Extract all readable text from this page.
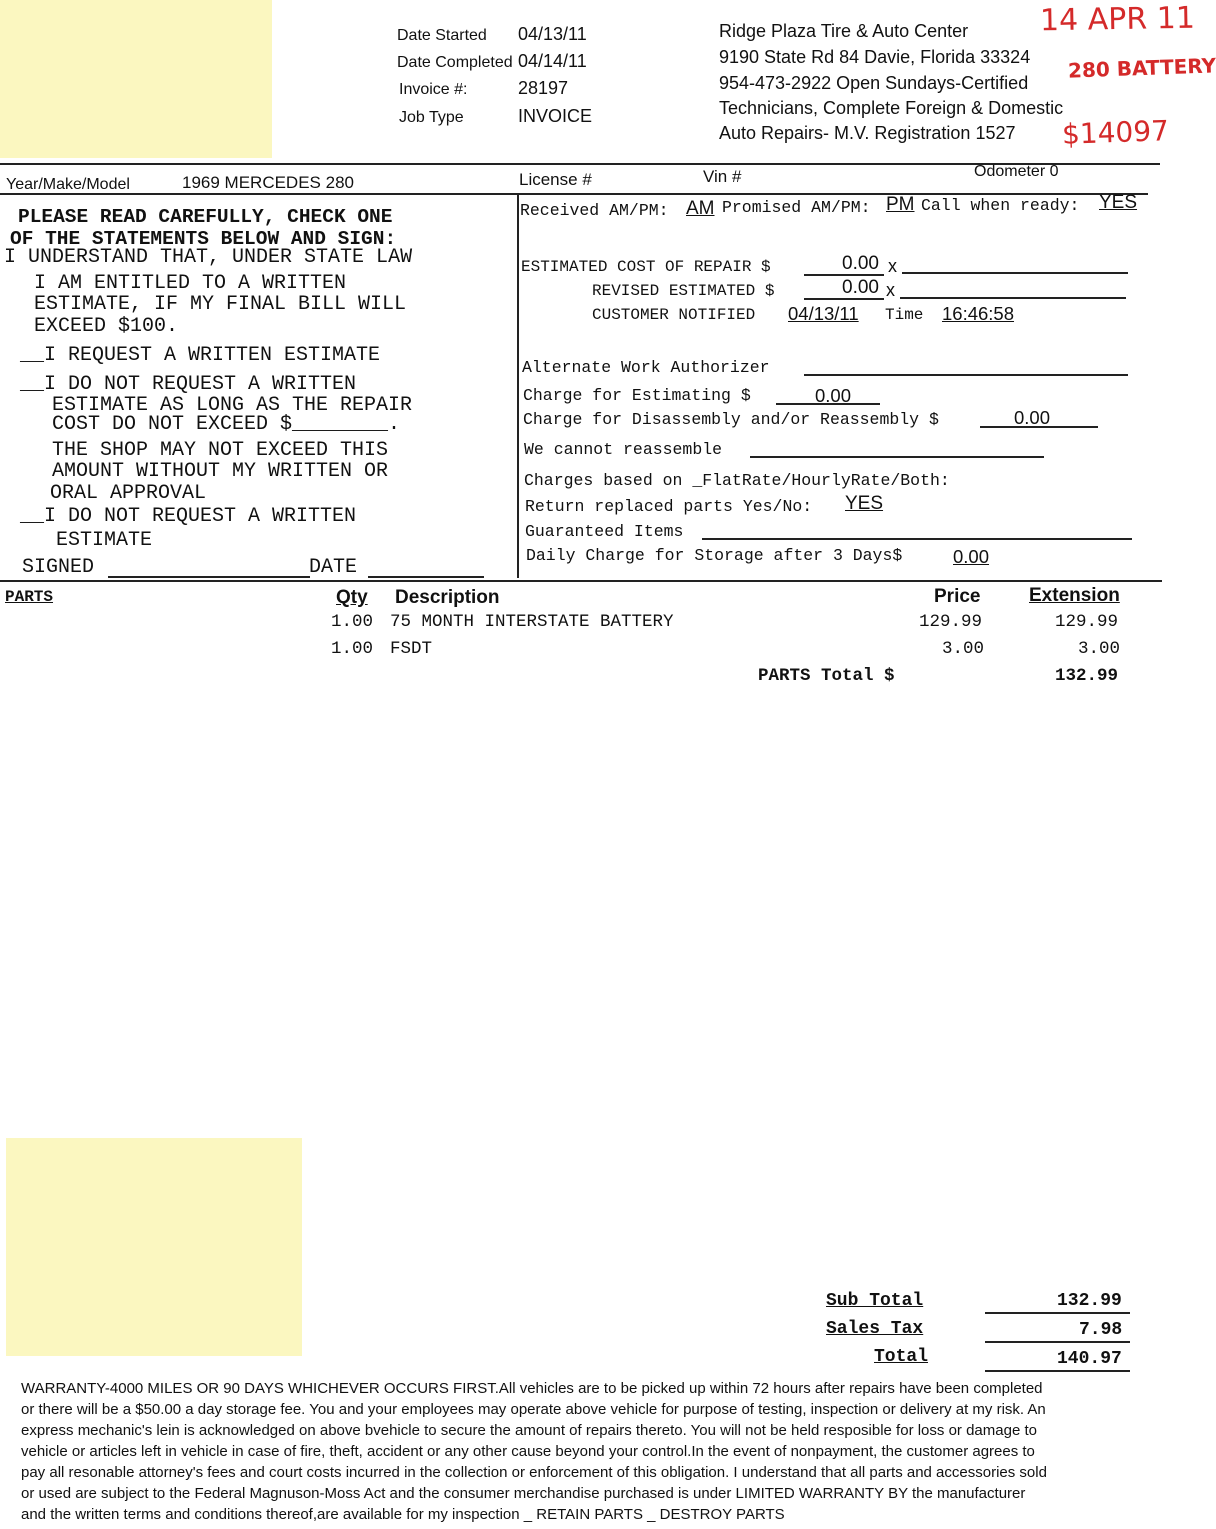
Date Started 04/13/11
Date Completed 04/14/11
Invoice #:	28197
Job Type	INVOICE
Ridge Plaza Tire & Auto Center
9190 State Rd 84 Davie, Florida 33324
954-473-2922 Open Sundays-Certified
Technicians, Complete Foreign & Domestic
Auto Repairs- M.V. Registration 1527
14 APR 11
280 BATTERY
$14097
Year/Make/Model	1969 MERCEDES 280	License #	Vin #	Odometer 0
PLEASE READ CAREFULLY, CHECK ONE
OF THE STATEMENTS BELOW AND SIGN:
I UNDERSTAND THAT, UNDER STATE LAW
I AM ENTITLED TO A WRITTEN
ESTIMATE, IF MY FINAL BILL WILL
EXCEED $100.
__I REQUEST A WRITTEN ESTIMATE
__I DO NOT REQUEST A WRITTEN
ESTIMATE AS LONG AS THE REPAIR
COST DO NOT EXCEED $________.
THE SHOP MAY NOT EXCEED THIS
AMOUNT WITHOUT MY WRITTEN OR
ORAL APPROVAL
__I DO NOT REQUEST A WRITTEN
ESTIMATE
SIGNED	DATE
Received AM/PM: AM Promised AM/PM: PM Call when ready: YES
ESTIMATED COST OF REPAIR $	0.00 x
REVISED ESTIMATED $	0.00 x
CUSTOMER NOTIFIED 04/13/11 Time 16:46:58
Alternate Work Authorizer
Charge for Estimating $	0.00
Charge for Disassembly and/or Reassembly $	0.00
We cannot reassemble
Charges based on _FlatRate/HourlyRate/Both:
Return replaced parts Yes/No: YES
Guaranteed Items
Daily Charge for Storage after 3 Days$	0.00
PARTS	Qty Description	Price	Extension
1.00 75 MONTH INTERSTATE BATTERY	129.99	129.99
1.00 FSDT	3.00	3.00
PARTS Total $	132.99
Sub Total	132.99
Sales Tax	7.98
Total	140.97
WARRANTY-4000 MILES OR 90 DAYS WHICHEVER OCCURS FIRST.All vehicles are to be picked up within 72 hours after repairs have been completed
or there will be a $50.00 a day storage fee. You and your employees may operate above vehicle for purpose of testing, inspection or delivery at my risk. An
express mechanic's lein is acknowledged on above bvehicle to secure the amount of repairs thereto. You will not be held resposible for loss or damage to
vehicle or articles left in vehicle in case of fire, theft, accident or any other cause beyond your control.In the event of nonpayment, the customer agrees to
pay all resonable attorney's fees and court costs incurred in the collection or enforcement of this obligation. I understand that all parts and accessories sold
or used are subject to the Federal Magnuson-Moss Act and the consumer merchandise purchased is under LIMITED WARRANTY BY the manufacturer
and the written terms and conditions thereof,are available for my inspection _ RETAIN PARTS _ DESTROY PARTS
